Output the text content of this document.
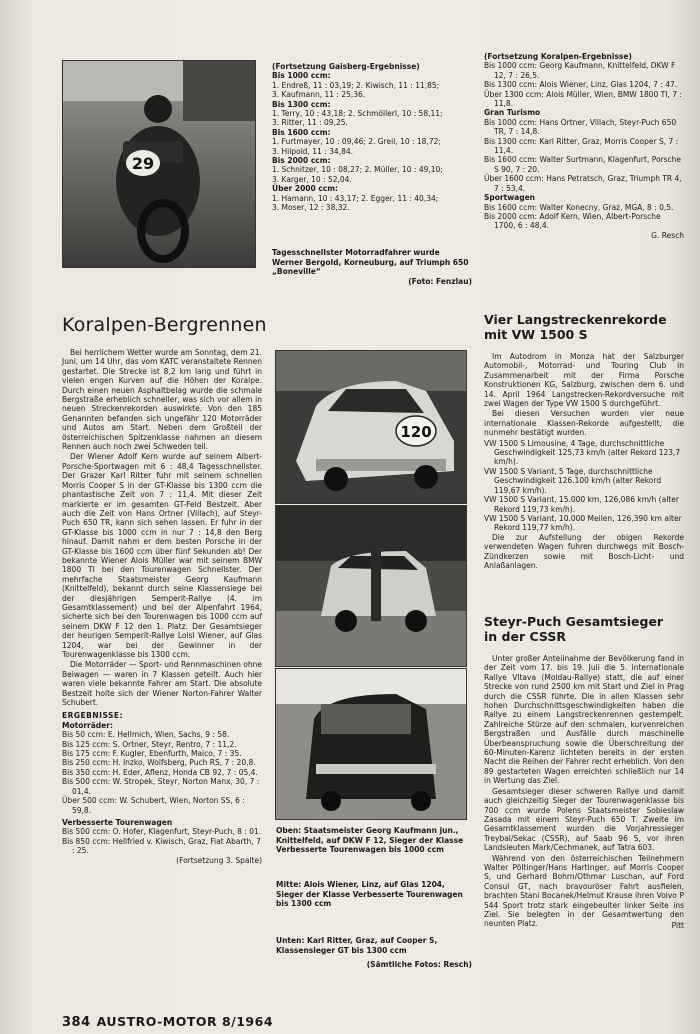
29
(Fortsetzung Gaisberg-Ergebnisse)
Bis 1000 ccm:
1. Endreß, 11 : 03,19; 2. Kiwisch, 11 : 11,85;
3. Kaufmann, 11 : 25,36.
Bis 1300 ccm:
1. Terry, 10 : 43,18; 2. Schmöllerl, 10 : 58,11;
3. Ritter, 11 : 09,25.
Bis 1600 ccm:
1. Furtmayer, 10 : 09,46; 2. Greil, 10 : 18,72;
3. Hilpold, 11 : 34,84.
Bis 2000 ccm:
1. Schnitzer, 10 : 08,27; 2. Müller, 10 : 49,10;
3. Karger, 10 : 52,04.
Über 2000 ccm:
1. Hamann, 10 : 43,17; 2. Egger, 11 : 40,34;
3. Moser, 12 : 38,32.
Tagesschnellster Motorradfahrer wurde Werner Bergold, Korneuburg, auf Triumph 650 „Boneville“
(Foto: Fenzlau)
(Fortsetzung Koralpen-Ergebnisse)
Bis 1000 ccm: Georg Kaufmann, Knittelfeld, DKW F 12, 7 : 26,5.
Bis 1300 ccm: Alois Wiener, Linz, Glas 1204, 7 : 47.
Über 1300 ccm: Alois Müller, Wien, BMW 1800 TI, 7 : 11,8.
Gran Turismo
Bis 1000 ccm: Hans Ortner, Villach, Steyr-Puch 650 TR, 7 : 14,8.
Bis 1300 ccm: Karl Ritter, Graz, Morris Cooper S, 7 : 11,4.
Bis 1600 ccm: Walter Surtmann, Klagenfurt, Porsche S 90, 7 : 20.
Über 1600 ccm: Hans Petratsch, Graz, Triumph TR 4, 7 : 53,4.
Sportwagen
Bis 1600 ccm: Walter Konecny, Graz, MGA, 8 : 0,5.
Bis 2000 ccm: Adolf Kern, Wien, Albert-Porsche 1700, 6 : 48,4.
G. Resch
Koralpen-Bergrennen

Bei herrlichem Wetter wurde am Sonntag, dem 21. Juni, um 14 Uhr, das vom KATC veranstaltete Rennen gestartet. Die Strecke ist 8,2 km lang und führt in vielen engen Kurven auf die Höhen der Koralpe. Durch einen neuen Asphaltbelag wurde die schmale Bergstraße erheblich schneller, was sich vor allem in neuen Streckenrekorden auswirkte. Von den 185 Genannten befanden sich ungefähr 120 Motorräder und Autos am Start. Neben dem Großteil der österreichischen Spitzenklasse nahmen an diesem Rennen auch noch zwei Schweden teil.

Der Wiener Adolf Kern wurde auf seinem Albert-Porsche-Sportwagen mit 6 : 48,4 Tagesschnellster. Der Grazer Karl Ritter fuhr mit seinem schnellen Morris Cooper S in der GT-Klasse bis 1300 ccm die phantastische Zeit von 7 : 11,4. Mit dieser Zeit markierte er im gesamten GT-Feld Bestzeit. Aber auch die Zeit von Hans Ortner (Villach), auf Steyr-Puch 650 TR, kann sich sehen lassen. Er fuhr in der GT-Klasse bis 1000 ccm in nur 7 : 14,8 den Berg hinauf. Damit nahm er dem besten Porsche in der GT-Klasse bis 1600 ccm über fünf Sekunden ab! Der bekannte Wiener Alois Müller war mit seinem BMW 1800 TI bei den Tourenwagen Schnellster. Der mehrfache Staatsmeister Georg Kaufmann (Knittelfeld), bekannt durch seine Klassensiege bei der diesjährigen Semperit-Rallye (4. im Gesamtklassement) und bei der Alpenfahrt 1964, sicherte sich bei den Tourenwagen bis 1000 ccm auf seinem DKW F 12 den 1. Platz. Der Gesamtsieger der heurigen Semperit-Rallye Loisl Wiener, auf Glas 1204, war bei der Gewinner in der Tourenwagenklasse bis 1300 ccm.

Die Motorräder — Sport- und Rennmaschinen ohne Beiwagen — waren in 7 Klassen geteilt. Auch hier waren viele bekannte Fahrer am Start. Die absolute Bestzeit holte sich der Wiener Norton-Fahrer Walter Schubert.

ERGEBNISSE:
Motorräder:
Bis 50 ccm: E. Hellmich, Wien, Sachs, 9 : 58.
Bis 125 ccm: S. Ortner, Steyr, Rentro, 7 : 11,2.
Bis 175 ccm: F. Kugler, Ebenfurth, Maico, 7 : 35.
Bis 250 ccm: H. Inzko, Wolfsberg, Puch RS, 7 : 20,8.
Bis 350 ccm: H. Eder, Aflenz, Honda CB 92, 7 : 05,4.
Bis 500 ccm: W. Stropek, Steyr, Norton Manx, 30, 7 : 01,4.
Über 500 ccm: W. Schubert, Wien, Norton SS, 6 : 59,8.
Verbesserte Tourenwagen
Bis 500 ccm: O. Hofer, Klagenfurt, Steyr-Puch, 8 : 01.
Bis 850 ccm: Hellfried v. Kiwisch, Graz, Fiat Abarth, 7 : 25.
(Fortsetzung 3. Spalte)
120
Oben: Staatsmeister Georg Kaufmann jun., Knittelfeld, auf DKW F 12, Sieger der Klasse Verbesserte Tourenwagen bis 1000 ccm
Mitte: Alois Wiener, Linz, auf Glas 1204, Sieger der Klasse Verbesserte Tourenwagen bis 1300 ccm
Unten: Karl Ritter, Graz, auf Cooper S, Klassensieger GT bis 1300 ccm
(Sämtliche Fotos: Resch)
Vier Langstreckenrekorde
mit VW 1500 S

Im Autodrom in Monza hat der Salzburger Automobil-, Motorrad- und Touring Club in Zusammenarbeit mit der Firma Porsche Konstruktionen KG, Salzburg, zwischen dem 6. und 14. April 1964 Langstrecken-Rekordversuche mit zwei Wagen der Type VW 1500 S durchgeführt.

Bei diesen Versuchen wurden vier neue internationale Klassen-Rekorde aufgestellt, die nunmehr bestätigt wurden.

VW 1500 S Limousine, 4 Tage, durchschnittliche Geschwindigkeit 125,73 km/h (alter Rekord 123,7 km/h).
VW 1500 S Variant, 5 Tage, durchschnittliche Geschwindigkeit 126.100 km/h (alter Rekord 119,67 km/h).
VW 1500 S Variant, 15.000 km, 126,086 km/h (alter Rekord 119,73 km/h).
VW 1500 S Variant, 10.000 Meilen, 126,390 km alter Rekord 119,77 km/h).

Die zur Aufstellung der obigen Rekorde verwendeten Wagen fuhren durchwegs mit Bosch-Zündkerzen sowie mit Bosch-Licht- und Anlaßanlagen.

Steyr-Puch Gesamtsieger
in der CSSR

Unter großer Anteilnahme der Bevölkerung fand in der Zeit vom 17. bis 19. Juli die 5. internationale Rallye Vltava (Moldau-Rallye) statt, die auf einer Strecke von rund 2500 km mit Start und Ziel in Prag durch die CSSR führte. Die in allen Klassen sehr hohen Durchschnittsgeschwindigkeiten haben die Rallye zu einem Langstreckenrennen gestempelt. Zahlreiche Stürze auf den schmalen, kurvenreichen Bergstraßen und Ausfälle durch maschinelle Überbeanspruchung sowie die Überschreitung der 60-Minuten-Karenz lichteten bereits in der ersten Nacht die Reihen der Fahrer recht erheblich. Von den 89 gestarteten Wagen erreichten schließlich nur 14 in Wertung das Ziel.

Gesamtsieger dieser schweren Rallye und damit auch gleichzeitig Sieger der Tourenwagenklasse bis 700 ccm wurde Polens Staatsmeister Sobieslaw Zasada mit einem Steyr-Puch 650 T. Zweite im Gesamtklassement wurden die Vorjahressieger Treybal/Sekac (CSSR), auf Saab 96 S, vor ihren Landsleuten Mark/Cechmanek, auf Tatra 603.

Während von den österreichischen Teilnehmern Walter Pöltinger/Hans Hartinger, auf Morris Cooper S, und Gerhard Bohrn/Othmar Luschan, auf Ford Consul GT, nach bravouröser Fahrt ausfielen, brachten Stani Bocanek/Helmut Krause ihren Volvo P 544 Sport trotz stark eingebeulter linker Seite ins Ziel. Sie belegten in der Gesamtwertung den neunten Platz.	Pitt
384 AUSTRO-MOTOR 8/1964
